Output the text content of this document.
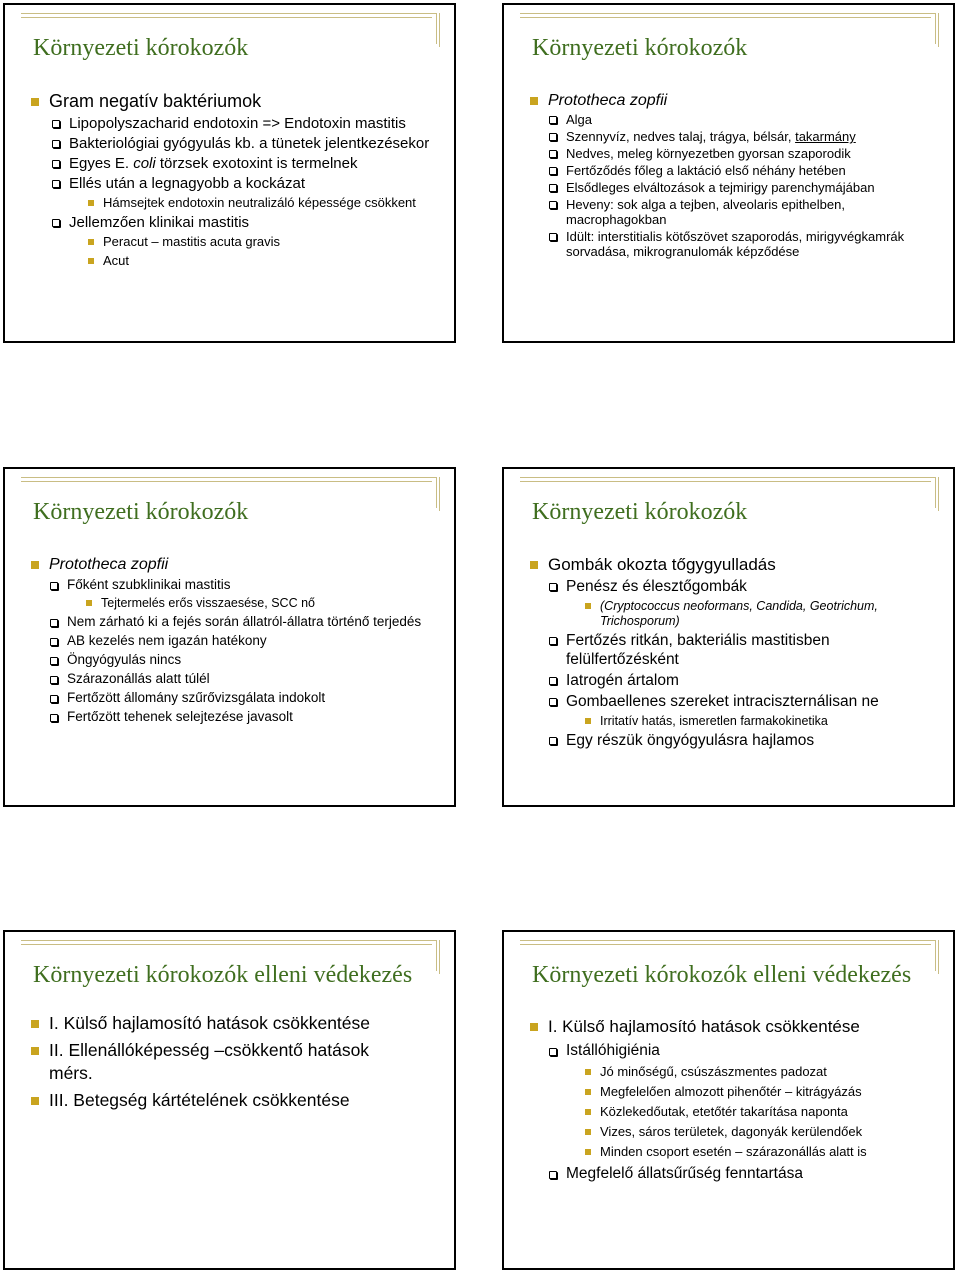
Környezeti kórokozók
Gram negatív baktériumok
Lipopolyszacharid endotoxin => Endotoxin mastitis
Bakteriológiai gyógyulás kb. a tünetek jelentkezésekor
Egyes E. coli törzsek exotoxint is termelnek
Ellés után a legnagyobb a kockázat
Hámsejtek endotoxin neutralizáló képessége csökkent
Jellemzően klinikai mastitis
Peracut – mastitis acuta gravis
Acut
Környezeti kórokozók
Prototheca zopfii
Alga
Szennyvíz, nedves talaj, trágya, bélsár, takarmány
Nedves, meleg környezetben gyorsan szaporodik
Fertőződés főleg a laktáció első néhány hetében
Elsődleges elváltozások a tejmirigy parenchymájában
Heveny: sok alga a tejben, alveolaris epithelben, macrophagokban
Idült: interstitialis kötőszövet szaporodás, mirigyvégkamrák sorvadása, mikrogranulomák képződése
Környezeti kórokozók
Prototheca zopfii
Főként szubklinikai mastitis
Tejtermelés erős visszaesése, SCC nő
Nem zárható ki a fejés során állatról-állatra történő terjedés
AB kezelés nem igazán hatékony
Öngyógyulás nincs
Szárazonállás alatt túlél
Fertőzött állomány szűrővizsgálata indokolt
Fertőzött tehenek selejtezése javasolt
Környezeti kórokozók
Gombák okozta tőgygyulladás
Penész és élesztőgombák
(Cryptococcus neoformans, Candida, Geotrichum, Trichosporum)
Fertőzés ritkán, bakteriális mastitisben felülfertőzésként
Iatrogén ártalom
Gombaellenes szereket intraciszternálisan ne
Irritatív hatás, ismeretlen farmakokinetika
Egy részük öngyógyulásra hajlamos
Környezeti kórokozók elleni védekezés
I. Külső hajlamosító hatások csökkentése
II. Ellenállóképesség –csökkentő hatások mérs.
III. Betegség kártételének csökkentése
Környezeti kórokozók elleni védekezés
I. Külső hajlamosító hatások csökkentése
Istállóhigiénia
Jó minőségű, csúszászmentes padozat
Megfelelően almozott pihenőtér – kitrágyázás
Közlekedőutak, etetőtér takarítása naponta
Vizes, sáros területek, dagonyák kerülendőek
Minden csoport esetén – szárazonállás alatt is
Megfelelő állatsűrűség fenntartása
